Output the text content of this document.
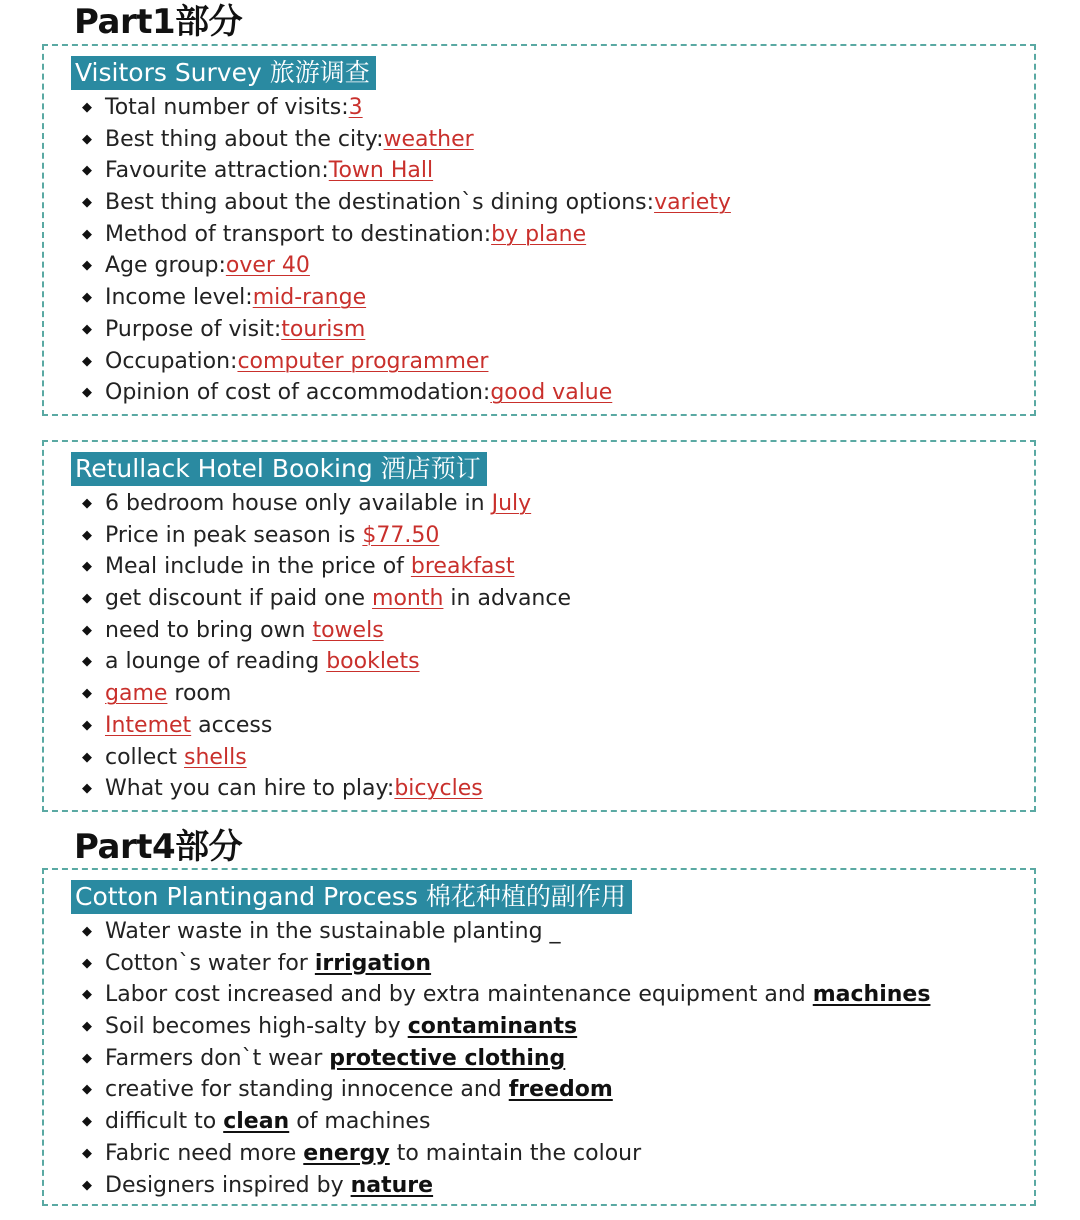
Part1部分
Visitors Survey 旅游调查
◆ Total number of visits:3
◆ Best thing about the city:weather
◆ Favourite attraction:Town Hall
◆ Best thing about the destination`s dining options:variety
◆ Method of transport to destination:by plane
◆ Age group:over 40
◆ Income level:mid-range
◆ Purpose of visit:tourism
◆ Occupation:computer programmer
◆ Opinion of cost of accommodation:good value
Retullack Hotel Booking 酒店预订
◆ 6 bedroom house only available in July
◆ Price in peak season is $77.50
◆ Meal include in the price of breakfast
◆ get discount if paid one month in advance
◆ need to bring own towels
◆ a lounge of reading booklets
◆ game room
◆ Intemet access
◆ collect shells
◆ What you can hire to play:bicycles
Part4部分
Cotton Plantingand Process 棉花种植的副作用
◆ Water waste in the sustainable planting _
◆ Cotton`s water for irrigation
◆ Labor cost increased and by extra maintenance equipment and machines
◆ Soil becomes high-salty by contaminants
◆ Farmers don`t wear protective clothing
◆ creative for standing innocence and freedom
◆ difficult to clean of machines
◆ Fabric need more energy to maintain the colour
◆ Designers inspired by nature
